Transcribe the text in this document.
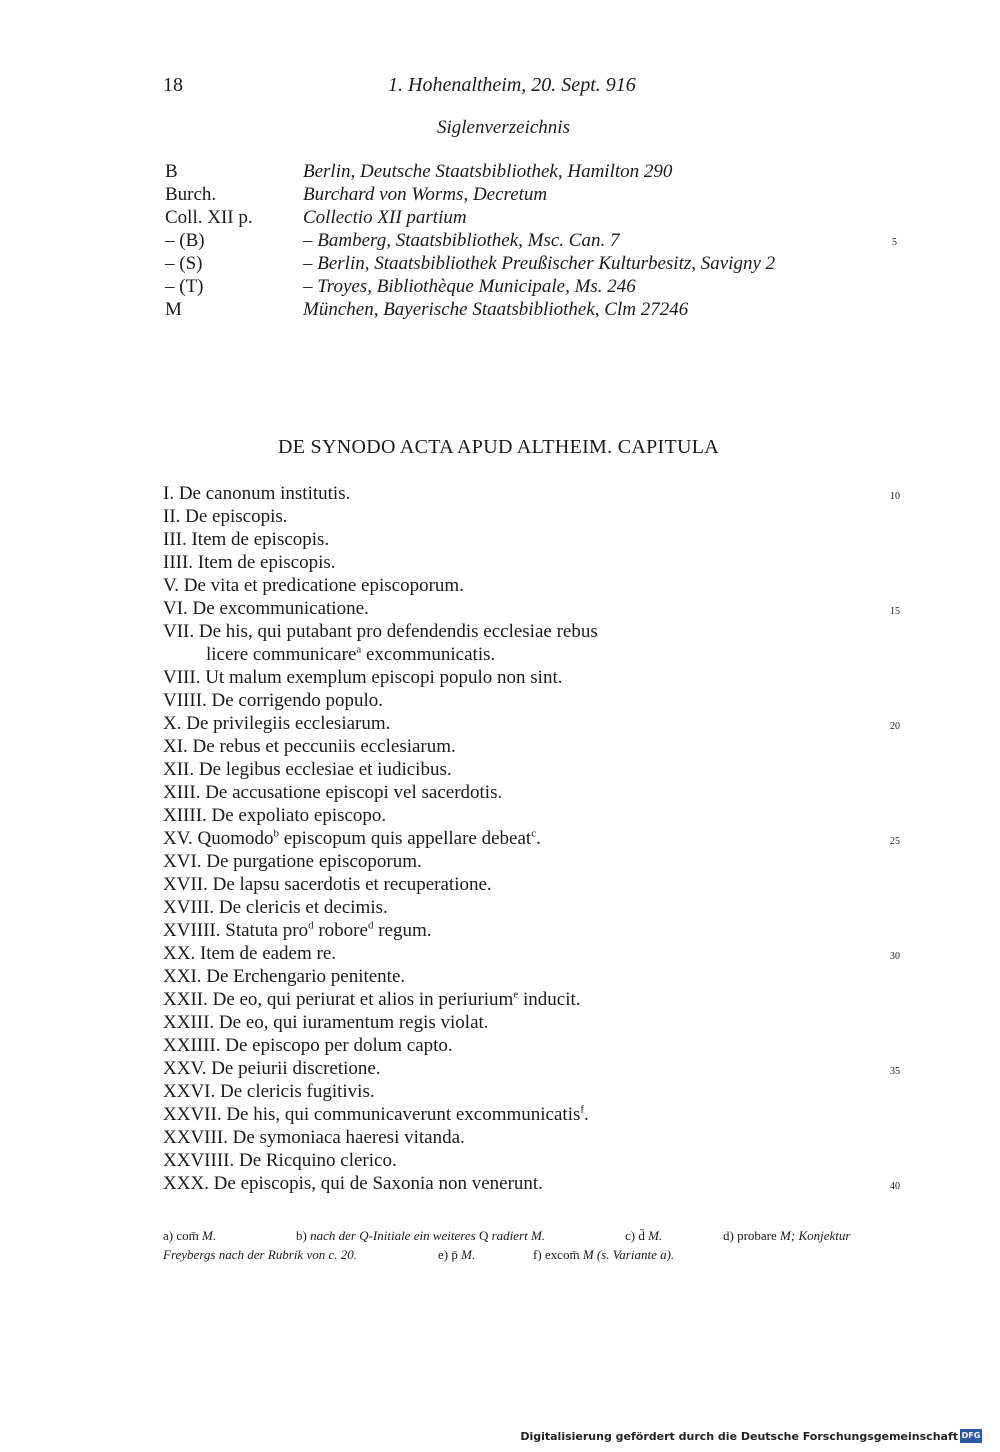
18	1. Hohenaltheim, 20. Sept. 916
Siglenverzeichnis
B	Berlin, Deutsche Staatsbibliothek, Hamilton 290
Burch.	Burchard von Worms, Decretum
Coll. XII p.	Collectio XII partium
– (B)	– Bamberg, Staatsbibliothek, Msc. Can. 7	5
– (S)	– Berlin, Staatsbibliothek Preußischer Kulturbesitz, Savigny 2
– (T)	– Troyes, Bibliothèque Municipale, Ms. 246
M	München, Bayerische Staatsbibliothek, Clm 27246
DE SYNODO ACTA APUD ALTHEIM. CAPITULA
I. De canonum institutis.	10
II. De episcopis.
III. Item de episcopis.
IIII. Item de episcopis.
V. De vita et predicatione episcoporum.
VI. De excommunicatione.	15
VII. De his, qui putabant pro defendendis ecclesiae rebus
licere communicare$^a$ excommunicatis.
VIII. Ut malum exemplum episcopi populo non sint.
VIIII. De corrigendo populo.
X. De privilegiis ecclesiarum.	20
XI. De rebus et peccuniis ecclesiarum.
XII. De legibus ecclesiae et iudicibus.
XIII. De accusatione episcopi vel sacerdotis.
XIIII. De expoliato episcopo.
XV. Quomodo$^b$ episcopum quis appellare debeat$^c$.	25
XVI. De purgatione episcoporum.
XVII. De lapsu sacerdotis et recuperatione.
XVIII. De clericis et decimis.
XVIIII. Statuta pro$^d$ robore$^d$ regum.
XX. Item de eadem re.	30
XXI. De Erchengario penitente.
XXII. De eo, qui periurat et alios in periurium$^e$ inducit.
XXIII. De eo, qui iuramentum regis violat.
XXIIII. De episcopo per dolum capto.
XXV. De peiurii discretione.	35
XXVI. De clericis fugitivis.
XXVII. De his, qui communicaverunt excommunicatis$^f$.
XXVIII. De symoniaca haeresi vitanda.
XXVIIII. De Ricquino clerico.
XXX. De episcopis, qui de Saxonia non venerunt.	40
a) com̄ M.	b) nach der Q-Initiale ein weiteres Q radiert M.	c) d̄ M.	d) probare M; Konjektur
Freybergs nach der Rubrik von c. 20.	e) p̄ M.	f) excom̄ M (s. Variante a).
Digitalisierung gefördert durch die Deutsche Forschungsgemeinschaft DFG
